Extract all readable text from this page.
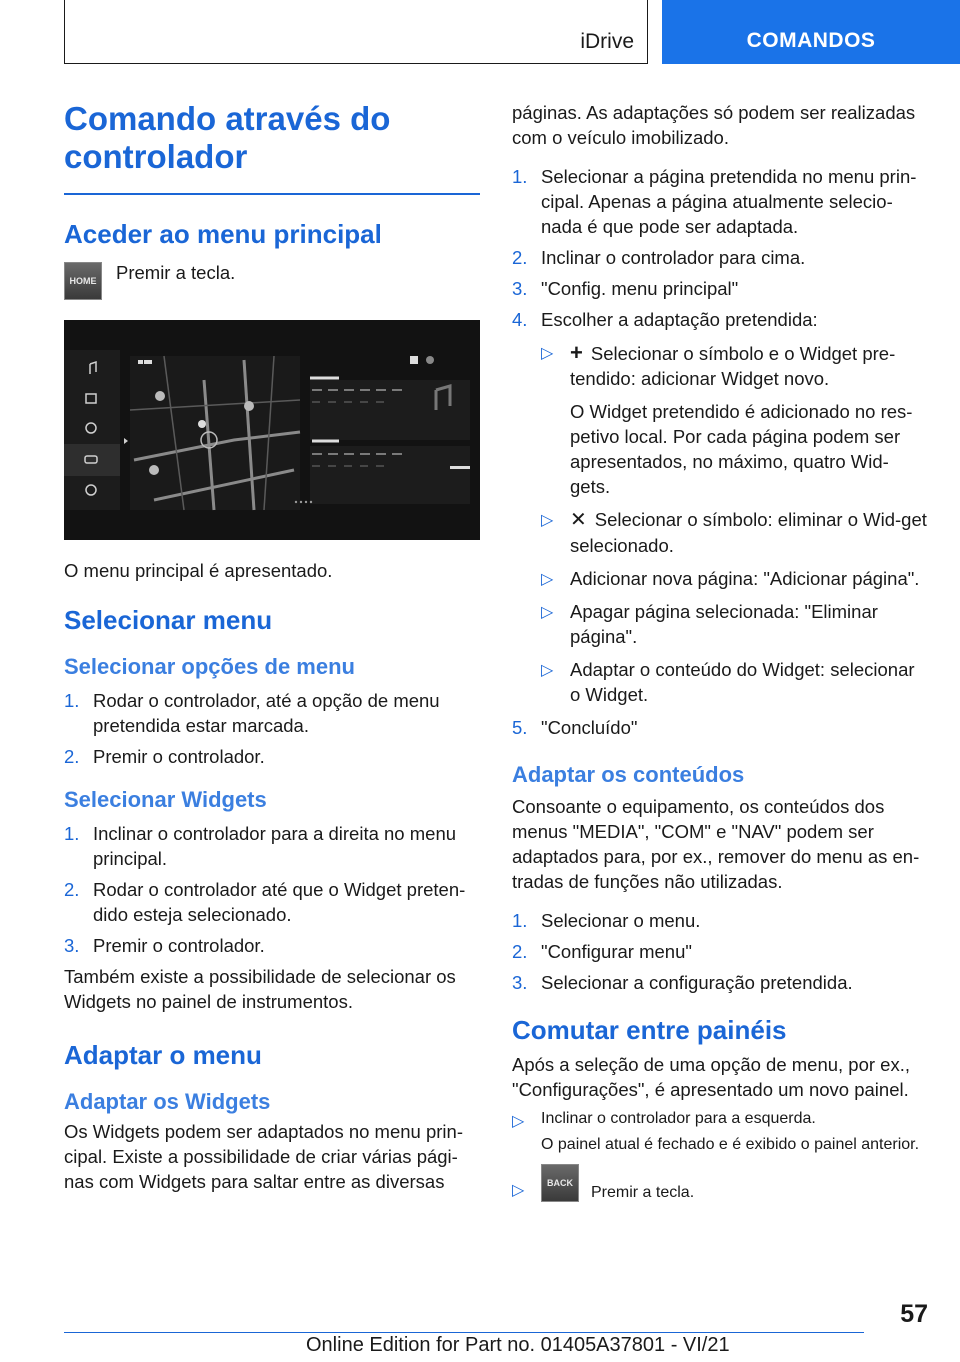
iDrive	COMANDOS
Comando através do controlador
Aceder ao menu principal
HOME Premir a tecla.

O menu principal é apresentado.

Selecionar menu
Selecionar opções de menu
1. Rodar o controlador, até a opção de menu pretendida estar marcada.
2. Premir o controlador.
Selecionar Widgets
1. Inclinar o controlador para a direita no menu principal.
2. Rodar o controlador até que o Widget preten-dido esteja selecionado.
3. Premir o controlador.

Também existe a possibilidade de selecionar os Widgets no painel de instrumentos.

Adaptar o menu
Adaptar os Widgets

Os Widgets podem ser adaptados no menu prin-cipal. Existe a possibilidade de criar várias pági-nas com Widgets para saltar entre as diversas

páginas. As adaptações só podem ser realizadas com o veículo imobilizado.

1. Selecionar a página pretendida no menu prin-cipal. Apenas a página atualmente selecio-nada é que pode ser adaptada.
2. Inclinar o controlador para cima.
3. "Config. menu principal"
4. Escolher a adaptação pretendida:
▷ + Selecionar o símbolo e o Widget pre-tendido: adicionar Widget novo.
O Widget pretendido é adicionado no res-petivo local. Por cada página podem ser apresentados, no máximo, quatro Wid-gets.
▷ ✕ Selecionar o símbolo: eliminar o Wid-get selecionado.
▷ Adicionar nova página: "Adicionar página".
▷ Apagar página selecionada: "Eliminar página".
▷ Adaptar o conteúdo do Widget: selecionar o Widget.
5. "Concluído"
Adaptar os conteúdos

Consoante o equipamento, os conteúdos dos menus "MEDIA", "COM" e "NAV" podem ser adaptados para, por ex., remover do menu as en-tradas de funções não utilizadas.

1. Selecionar o menu.
2. "Configurar menu"
3. Selecionar a configuração pretendida.
Comutar entre painéis

Após a seleção de uma opção de menu, por ex., "Configurações", é apresentado um novo painel.

▷ Inclinar o controlador para a esquerda.
O painel atual é fechado e é exibido o painel anterior.
▷	BACK
Premir a tecla.
57
Online Edition for Part no. 01405A37801 - VI/21
